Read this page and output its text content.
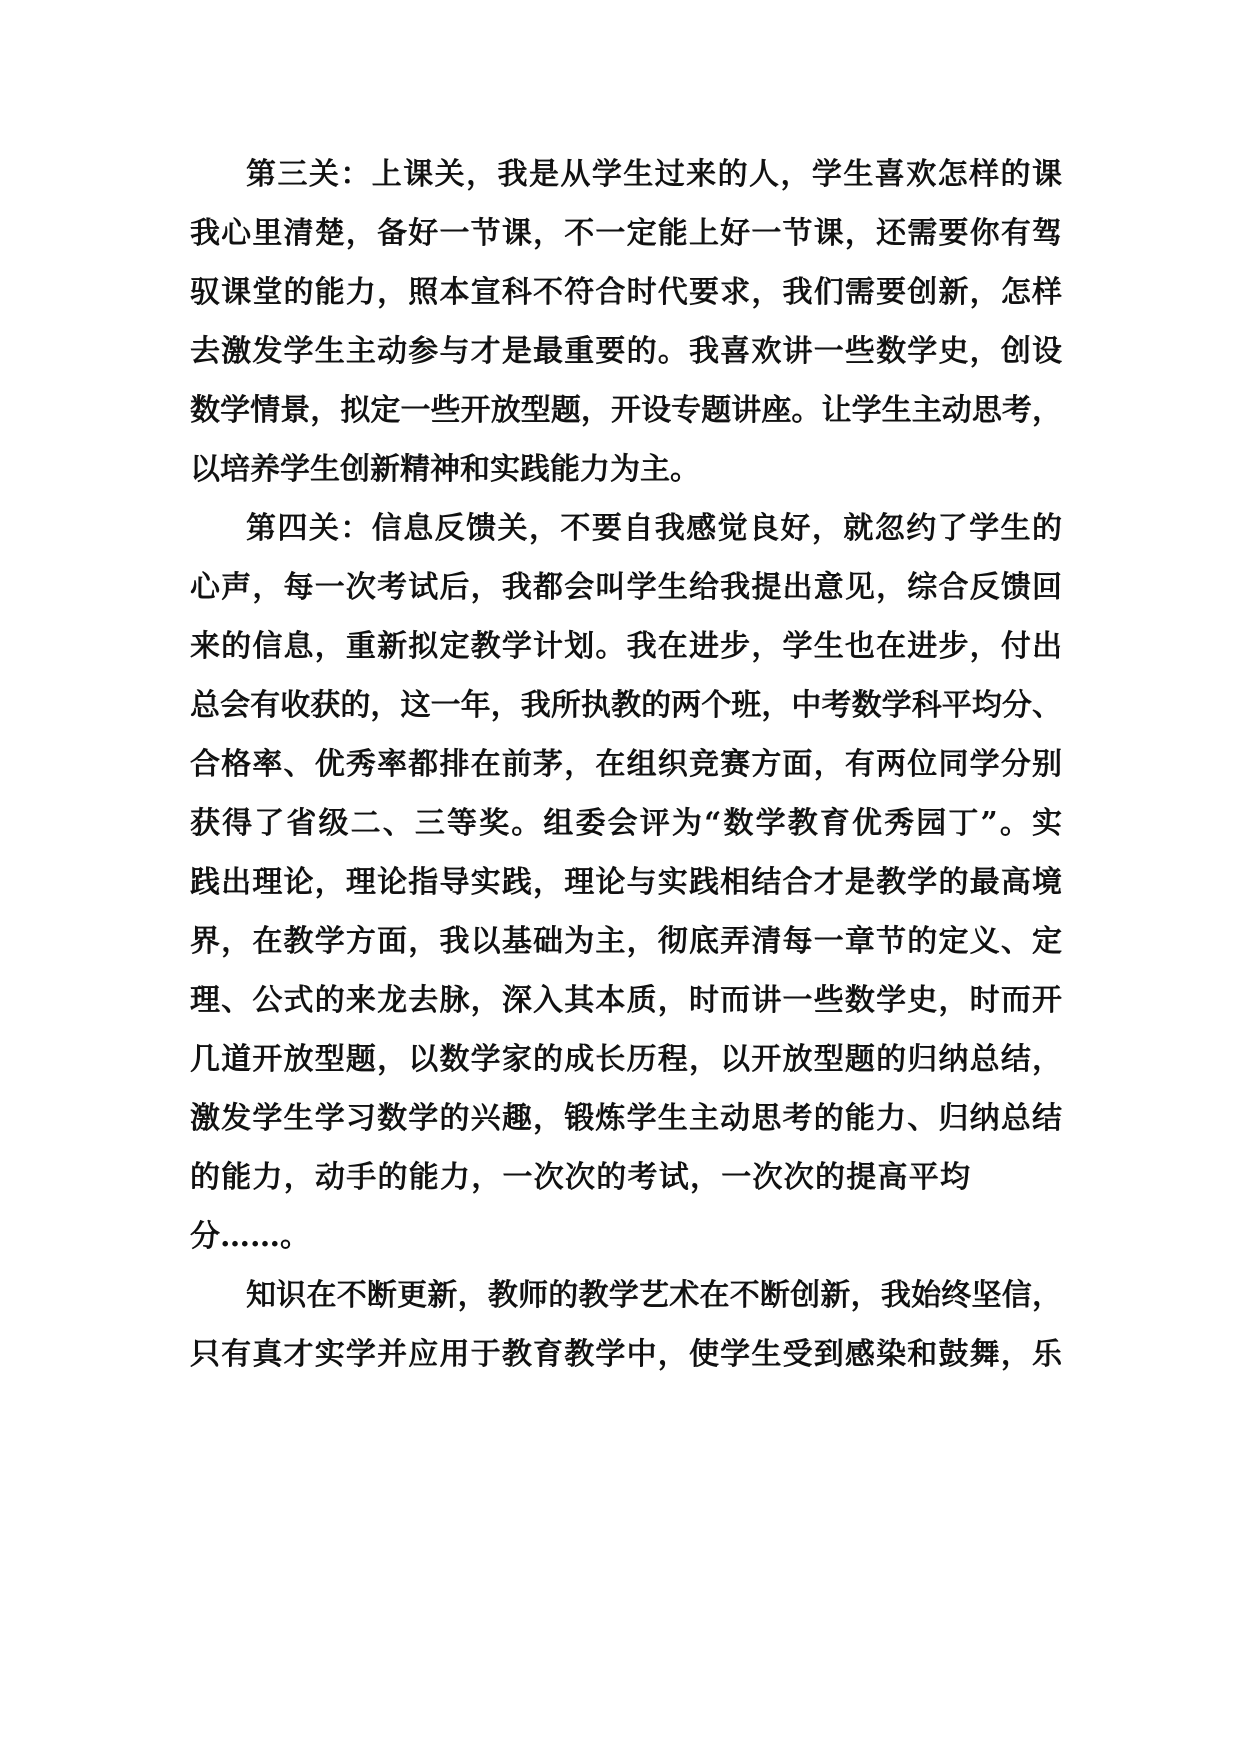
第三关：上课关，我是从学生过来的人，学生喜欢怎样的课
我心里清楚，备好一节课，不一定能上好一节课，还需要你有驾
驭课堂的能力，照本宣科不符合时代要求，我们需要创新，怎样
去激发学生主动参与才是最重要的。我喜欢讲一些数学史，创设
数学情景，拟定一些开放型题，开设专题讲座。让学生主动思考，
以培养学生创新精神和实践能力为主。
第四关：信息反馈关，不要自我感觉良好，就忽约了学生的
心声，每一次考试后，我都会叫学生给我提出意见，综合反馈回
来的信息，重新拟定教学计划。我在进步，学生也在进步，付出
总会有收获的，这一年，我所执教的两个班，中考数学科平均分、
合格率、优秀率都排在前茅，在组织竞赛方面，有两位同学分别
获得了省级二、三等奖。组委会评为“数学教育优秀园丁”。实
践出理论，理论指导实践，理论与实践相结合才是教学的最高境
界，在教学方面，我以基础为主，彻底弄清每一章节的定义、定
理、公式的来龙去脉，深入其本质，时而讲一些数学史，时而开
几道开放型题，以数学家的成长历程，以开放型题的归纳总结，
激发学生学习数学的兴趣，锻炼学生主动思考的能力、归纳总结
的能力，动手的能力，一次次的考试，一次次的提高平均
分……。
知识在不断更新，教师的教学艺术在不断创新，我始终坚信，
只有真才实学并应用于教育教学中，使学生受到感染和鼓舞，乐
